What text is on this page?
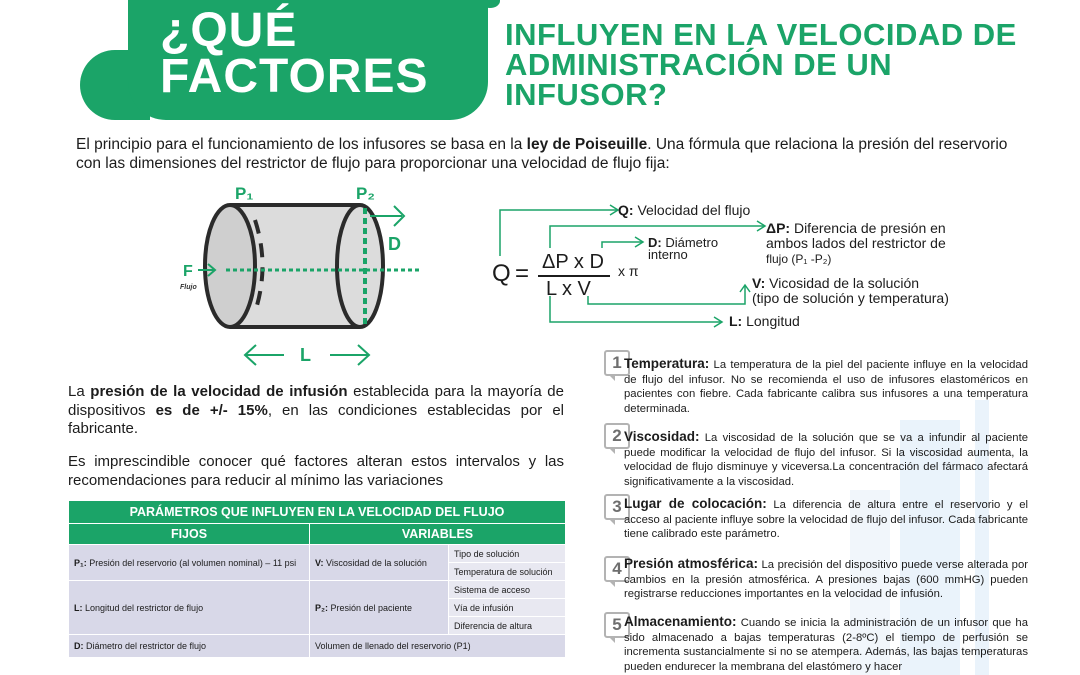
¿QUÉ
FACTORES
INFLUYEN EN LA VELOCIDAD DE ADMINISTRACIÓN DE UN INFUSOR?
El principio para el funcionamiento de los infusores se basa en la ley de Poiseuille. Una fórmula que relaciona la presión del reservorio con las dimensiones del restrictor de flujo para proporcionar una velocidad de flujo fija:
P₁	P₂
D
F
Flujo
L
Q = ΔP x D
L x V
x π
Q: Velocidad del flujo
ΔP: Diferencia de presión en
ambos lados del restrictor de
flujo (P₁ -P₂)
D: Diámetro
interno
V: Vicosidad de la solución
(tipo de solución y temperatura)
L: Longitud
La presión de la velocidad de infusión establecida para la mayoría de dispositivos es de +/- 15%, en las condiciones establecidas por el fabricante.
Es imprescindible conocer qué factores alteran estos intervalos y las recomendaciones para reducir al mínimo las variaciones
PARÁMETROS QUE INFLUYEN EN LA VELOCIDAD DEL FLUJO		
FIJOS	VARIABLES	
P₁: Presión del reservorio (al volumen nominal) – 11 psi	V: Viscosidad de la solución	Tipo de solución
		Temperatura de solución
L: Longitud del restrictor de flujo	P₂: Presión del paciente	Sistema de acceso
		Vía de infusión
		Diferencia de altura
D: Diámetro del restrictor de flujo	Volumen de llenado del reservorio (P1)	
1 Temperatura: La temperatura de la piel del paciente influye en la velocidad de flujo del infusor. No se recomienda el uso de infusores elastoméricos en pacientes con fiebre. Cada fabricante calibra sus infusores a una temperatura determinada.
2 Viscosidad: La viscosidad de la solución que se va a infundir al paciente puede modificar la velocidad de flujo del infusor. Si la viscosidad aumenta, la velocidad de flujo disminuye y viceversa.La concentración del fármaco afectará significativamente a la viscosidad.
3 Lugar de colocación: La diferencia de altura entre el reservorio y el acceso al paciente influye sobre la velocidad de flujo del infusor. Cada fabricante tiene calibrado este parámetro.
4 Presión atmosférica: La precisión del dispositivo puede verse alterada por cambios en la presión atmosférica. A presiones bajas (600 mmHG) pueden registrarse reducciones importantes en la velocidad de infusión.
5 Almacenamiento: Cuando se inicia la administración de un infusor que ha sido almacenado a bajas temperaturas (2-8ºC) el tiempo de perfusión se incrementa sustancialmente si no se atempera. Además, las bajas temperaturas pueden endurecer la membrana del elastómero y hacer
